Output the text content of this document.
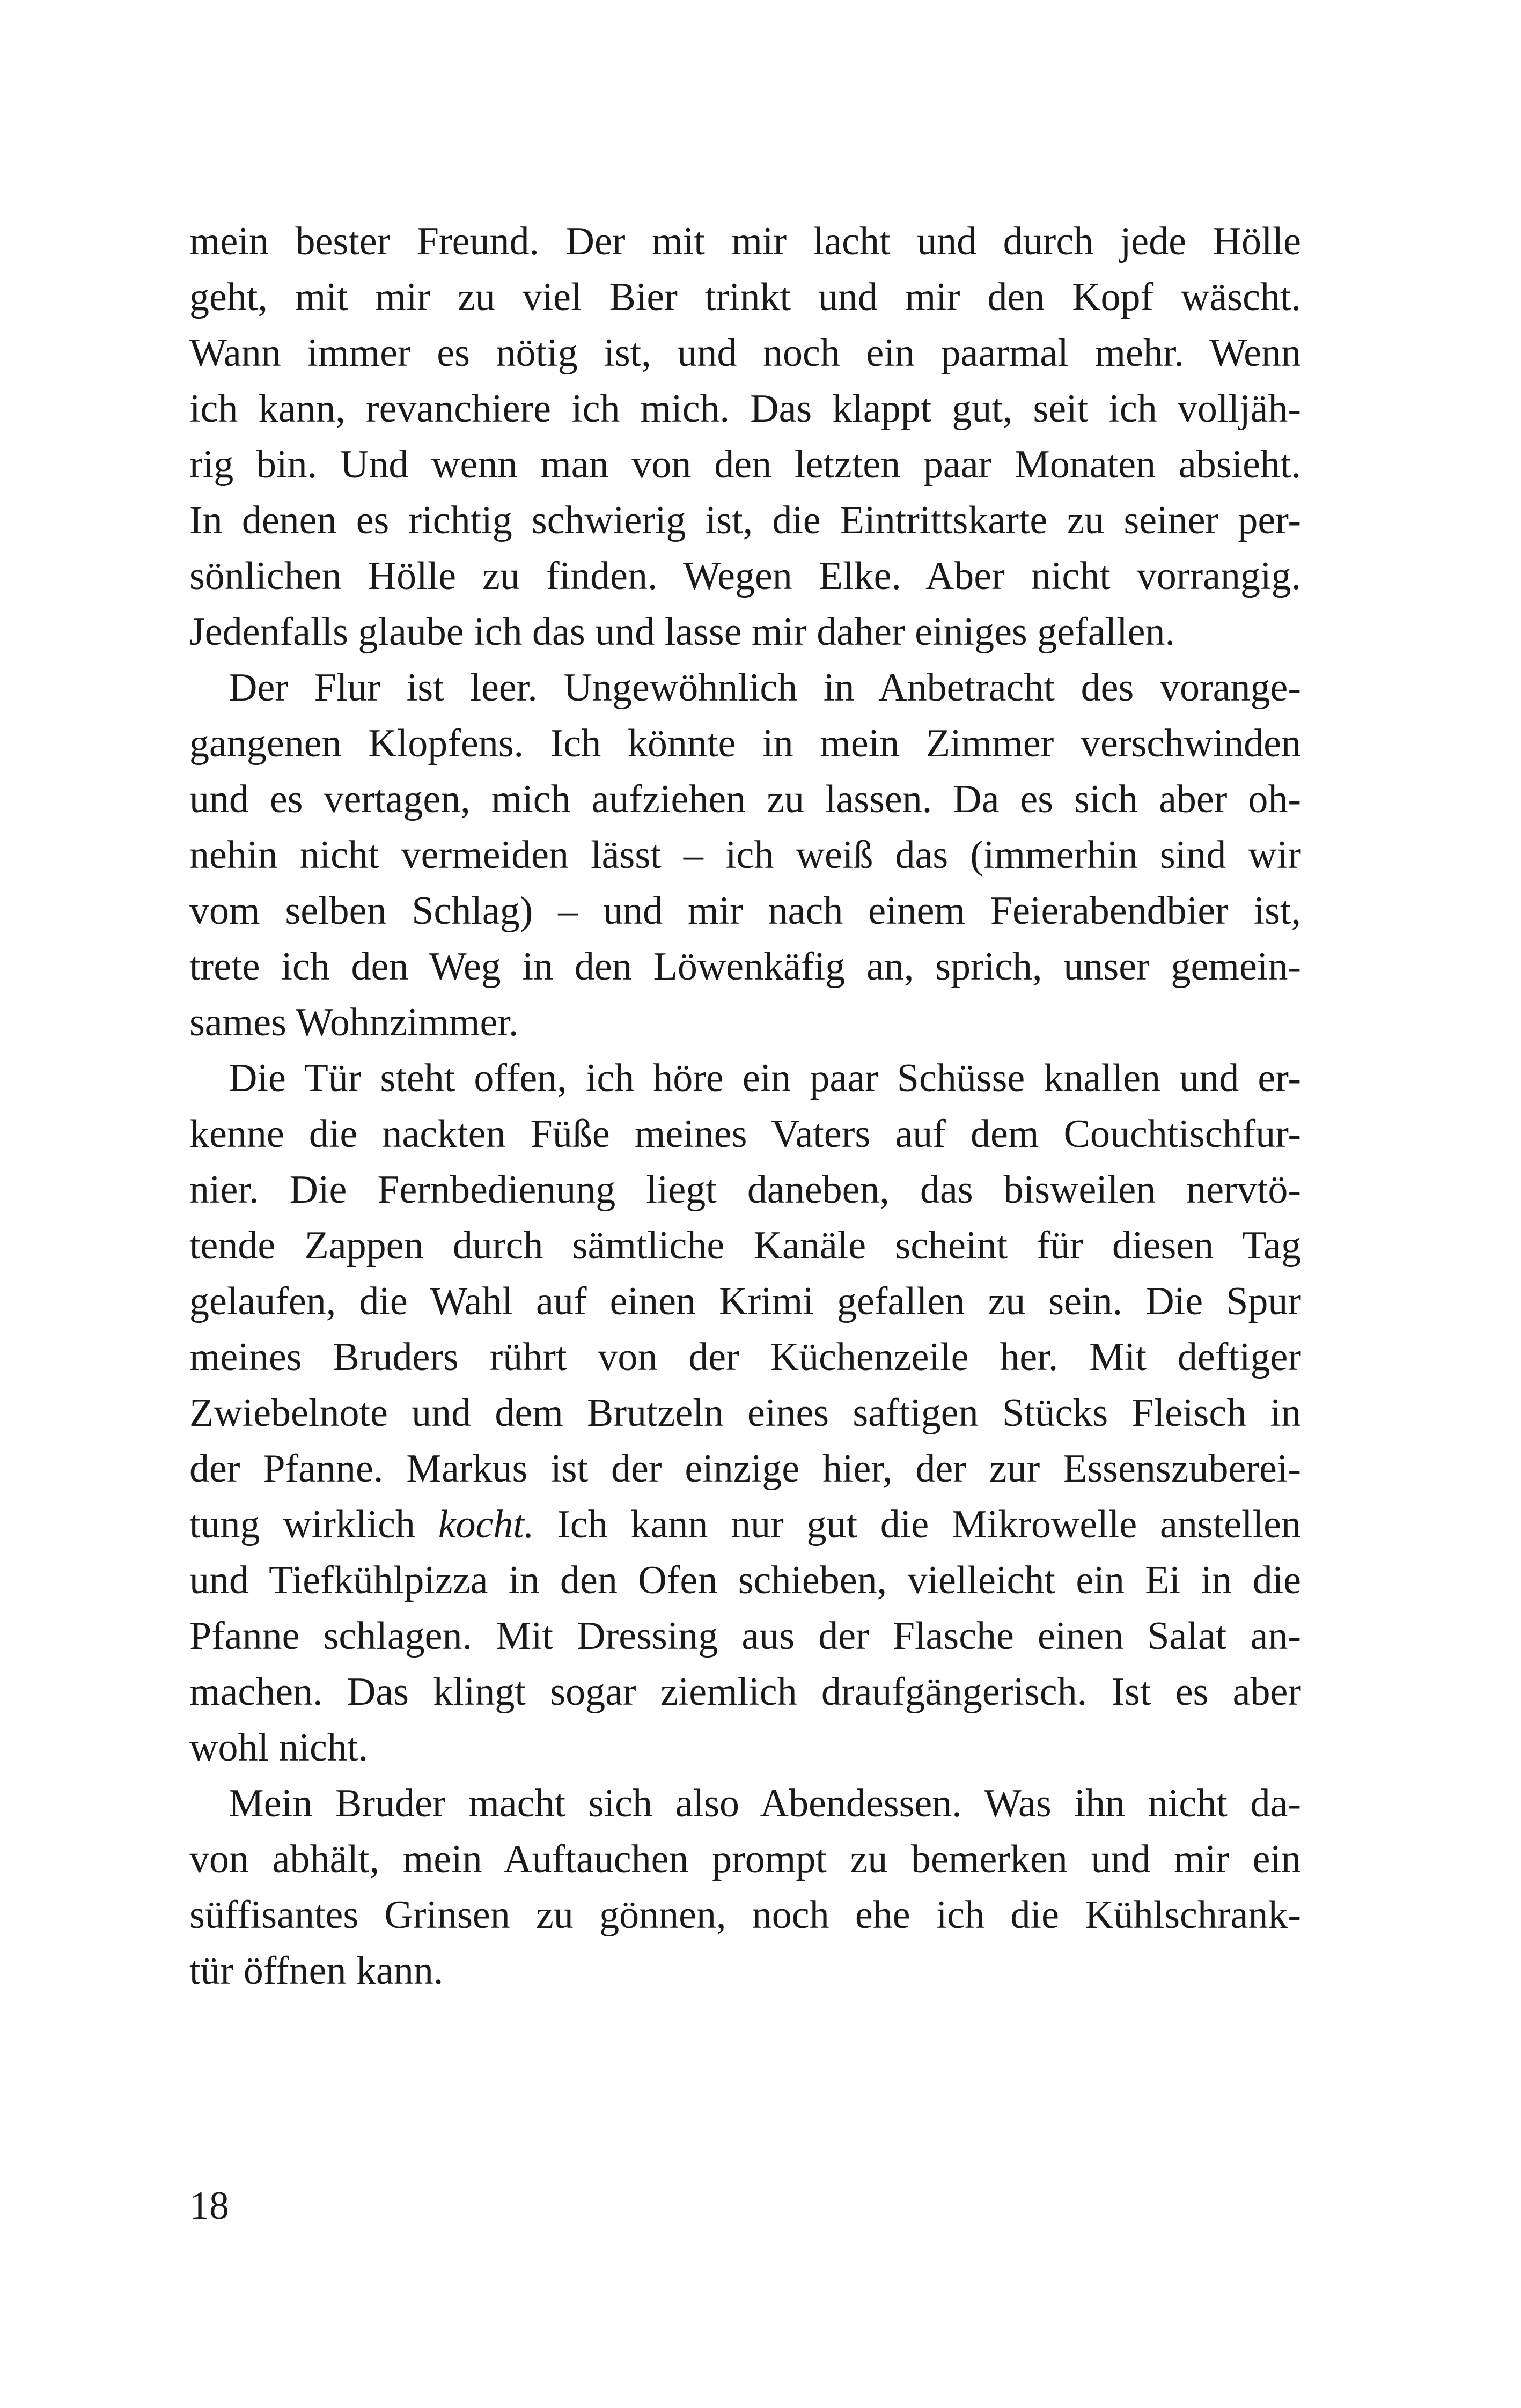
mein bester Freund. Der mit mir lacht und durch jede Hölle
geht, mit mir zu viel Bier trinkt und mir den Kopf wäscht.
Wann immer es nötig ist, und noch ein paarmal mehr. Wenn
ich kann, revanchiere ich mich. Das klappt gut, seit ich volljäh-
rig bin. Und wenn man von den letzten paar Monaten absieht.
In denen es richtig schwierig ist, die Eintrittskarte zu seiner per-
sönlichen Hölle zu finden. Wegen Elke. Aber nicht vorrangig.
Jedenfalls glaube ich das und lasse mir daher einiges gefallen.
Der Flur ist leer. Ungewöhnlich in Anbetracht des vorange-
gangenen Klopfens. Ich könnte in mein Zimmer verschwinden
und es vertagen, mich aufziehen zu lassen. Da es sich aber oh-
nehin nicht vermeiden lässt – ich weiß das (immerhin sind wir
vom selben Schlag) – und mir nach einem Feierabendbier ist,
trete ich den Weg in den Löwenkäfig an, sprich, unser gemein-
sames Wohnzimmer.
Die Tür steht offen, ich höre ein paar Schüsse knallen und er-
kenne die nackten Füße meines Vaters auf dem Couchtischfur-
nier. Die Fernbedienung liegt daneben, das bisweilen nervtö-
tende Zappen durch sämtliche Kanäle scheint für diesen Tag
gelaufen, die Wahl auf einen Krimi gefallen zu sein. Die Spur
meines Bruders rührt von der Küchenzeile her. Mit deftiger
Zwiebelnote und dem Brutzeln eines saftigen Stücks Fleisch in
der Pfanne. Markus ist der einzige hier, der zur Essenszuberei-
tung wirklich kocht. Ich kann nur gut die Mikrowelle anstellen
und Tiefkühlpizza in den Ofen schieben, vielleicht ein Ei in die
Pfanne schlagen. Mit Dressing aus der Flasche einen Salat an-
machen. Das klingt sogar ziemlich draufgängerisch. Ist es aber
wohl nicht.
Mein Bruder macht sich also Abendessen. Was ihn nicht da-
von abhält, mein Auftauchen prompt zu bemerken und mir ein
süffisantes Grinsen zu gönnen, noch ehe ich die Kühlschrank-
tür öffnen kann.
18
